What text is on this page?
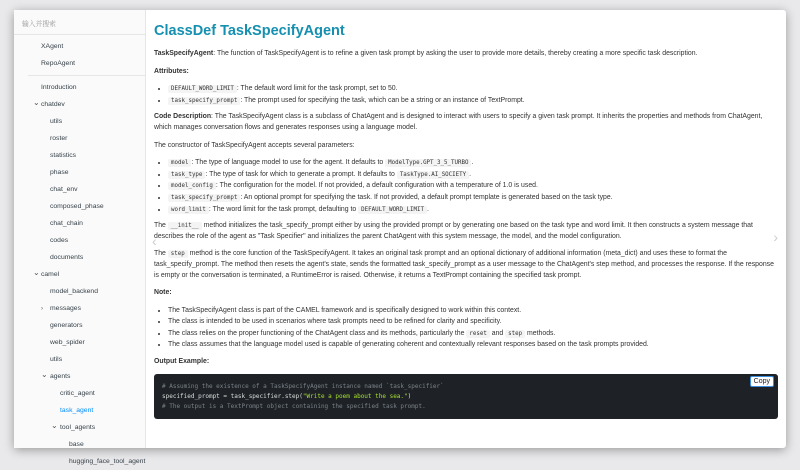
输入并搜索
XAgent
RepoAgent
Introduction
⌄ chatdev
utils
roster
statistics
phase
chat_env
composed_phase
chat_chain
codes
documents
⌄ camel
model_backend
› messages
generators
web_spider
utils
⌄ agents
critic_agent
task_agent
⌄ tool_agents
base
hugging_face_tool_agent
ClassDef TaskSpecifyAgent

TaskSpecifyAgent: The function of TaskSpecifyAgent is to refine a given task prompt by asking the user to provide more details, thereby creating a more specific task description.

Attributes:

• DEFAULT_WORD_LIMIT : The default word limit for the task prompt, set to 50.
• task_specify_prompt : The prompt used for specifying the task, which can be a string or an instance of TextPrompt.

Code Description: The TaskSpecifyAgent class is a subclass of ChatAgent and is designed to interact with users to specify a given task prompt. It inherits the properties and methods from ChatAgent, which manages conversation flows and generates responses using a language model.

The constructor of TaskSpecifyAgent accepts several parameters:

• model : The type of language model to use for the agent. It defaults to ModelType.GPT_3_5_TURBO .
• task_type : The type of task for which to generate a prompt. It defaults to TaskType.AI_SOCIETY .
• model_config : The configuration for the model. If not provided, a default configuration with a temperature of 1.0 is used.
• task_specify_prompt : An optional prompt for specifying the task. If not provided, a default prompt template is generated based on the task type.
• word_limit : The word limit for the task prompt, defaulting to DEFAULT_WORD_LIMIT .

The __init__ method initializes the task_specify_prompt either by using the provided prompt or by generating one based on the task type and word limit. It then constructs a system message that describes the role of the agent as "Task Specifier" and initializes the parent ChatAgent with this system message, the model, and the model configuration.

The step method is the core function of the TaskSpecifyAgent. It takes an original task prompt and an optional dictionary of additional information (meta_dict) and uses these to format the task_specify_prompt. The method then resets the agent's state, sends the formatted task_specify_prompt as a user message to the ChatAgent's step method, and processes the response. If the response is empty or the conversation is terminated, a RuntimeError is raised. Otherwise, it returns a TextPrompt containing the specified task prompt.

Note:

• The TaskSpecifyAgent class is part of the CAMEL framework and is specifically designed to work within this context.
• The class is intended to be used in scenarios where task prompts need to be refined for clarity and specificity.
• The class relies on the proper functioning of the ChatAgent class and its methods, particularly the reset and step methods.
• The class assumes that the language model used is capable of generating coherent and contextually relevant responses based on the task prompts provided.

Output Example:

# Assuming the existence of a TaskSpecifyAgent instance named `task_specifier`
specified_prompt = task_specifier.step("Write a poem about the sea.")
# The output is a TextPrompt object containing the specified task prompt.
Copy
‹	›
